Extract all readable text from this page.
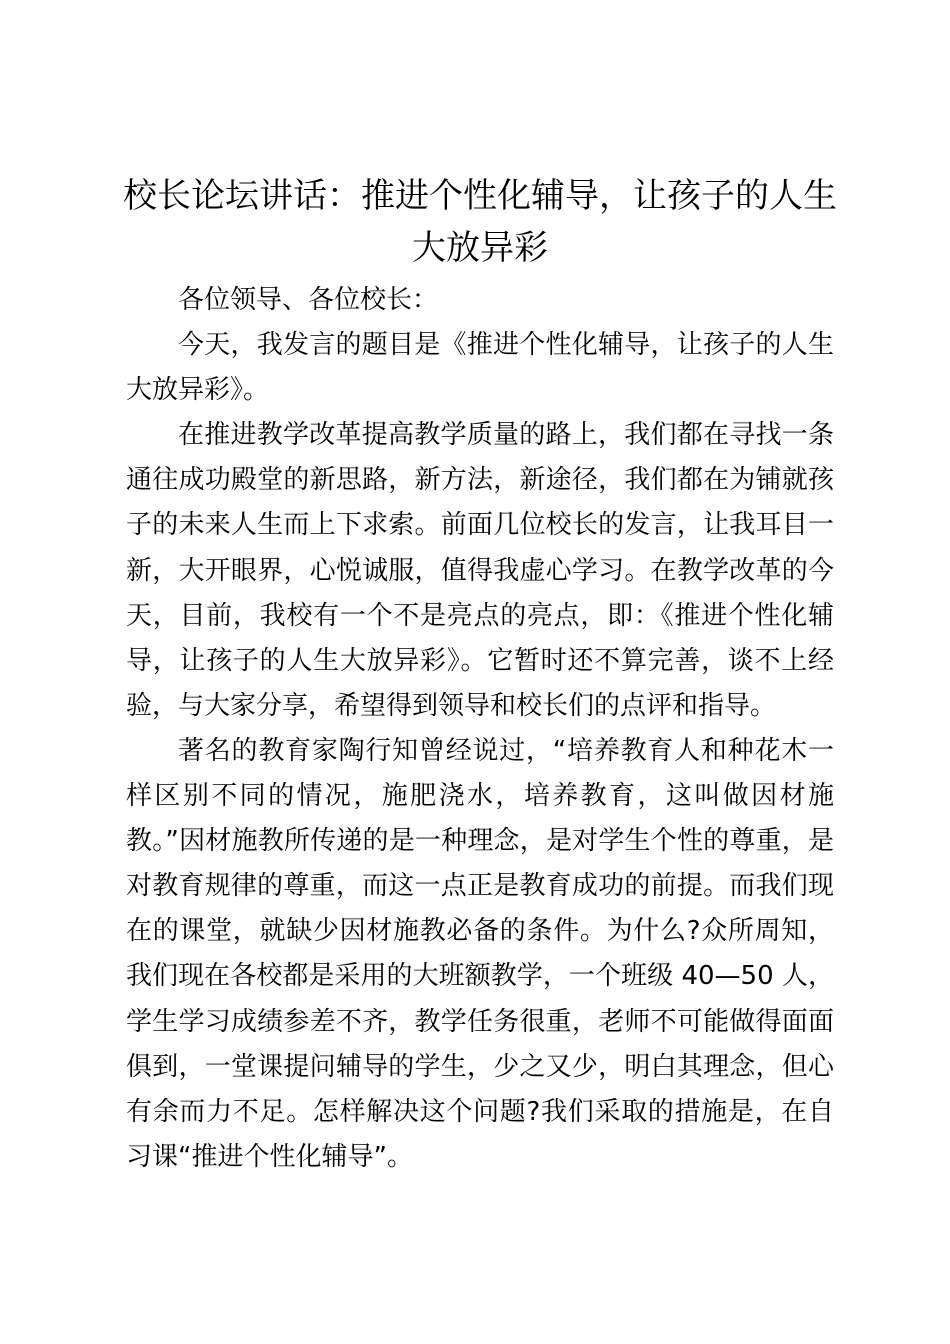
校长论坛讲话：推进个性化辅导，让孩子的人生大放异彩

各位领导、各位校长：

今天，我发言的题目是《推进个性化辅导，让孩子的人生大放异彩》。

在推进教学改革提高教学质量的路上，我们都在寻找一条通往成功殿堂的新思路，新方法，新途径，我们都在为铺就孩子的未来人生而上下求索。前面几位校长的发言，让我耳目一新，大开眼界，心悦诚服，值得我虚心学习。在教学改革的今天，目前，我校有一个不是亮点的亮点，即：《推进个性化辅导，让孩子的人生大放异彩》。它暂时还不算完善，谈不上经验，与大家分享，希望得到领导和校长们的点评和指导。

著名的教育家陶行知曾经说过，“培养教育人和种花木一样区别不同的情况，施肥浇水，培养教育，这叫做因材施教。”因材施教所传递的是一种理念，是对学生个性的尊重，是对教育规律的尊重，而这一点正是教育成功的前提。而我们现在的课堂，就缺少因材施教必备的条件。为什么?众所周知，我们现在各校都是采用的大班额教学，一个班级 40—50 人，学生学习成绩参差不齐，教学任务很重，老师不可能做得面面俱到，一堂课提问辅导的学生，少之又少，明白其理念，但心有余而力不足。怎样解决这个问题?我们采取的措施是，在自习课“推进个性化辅导”。
